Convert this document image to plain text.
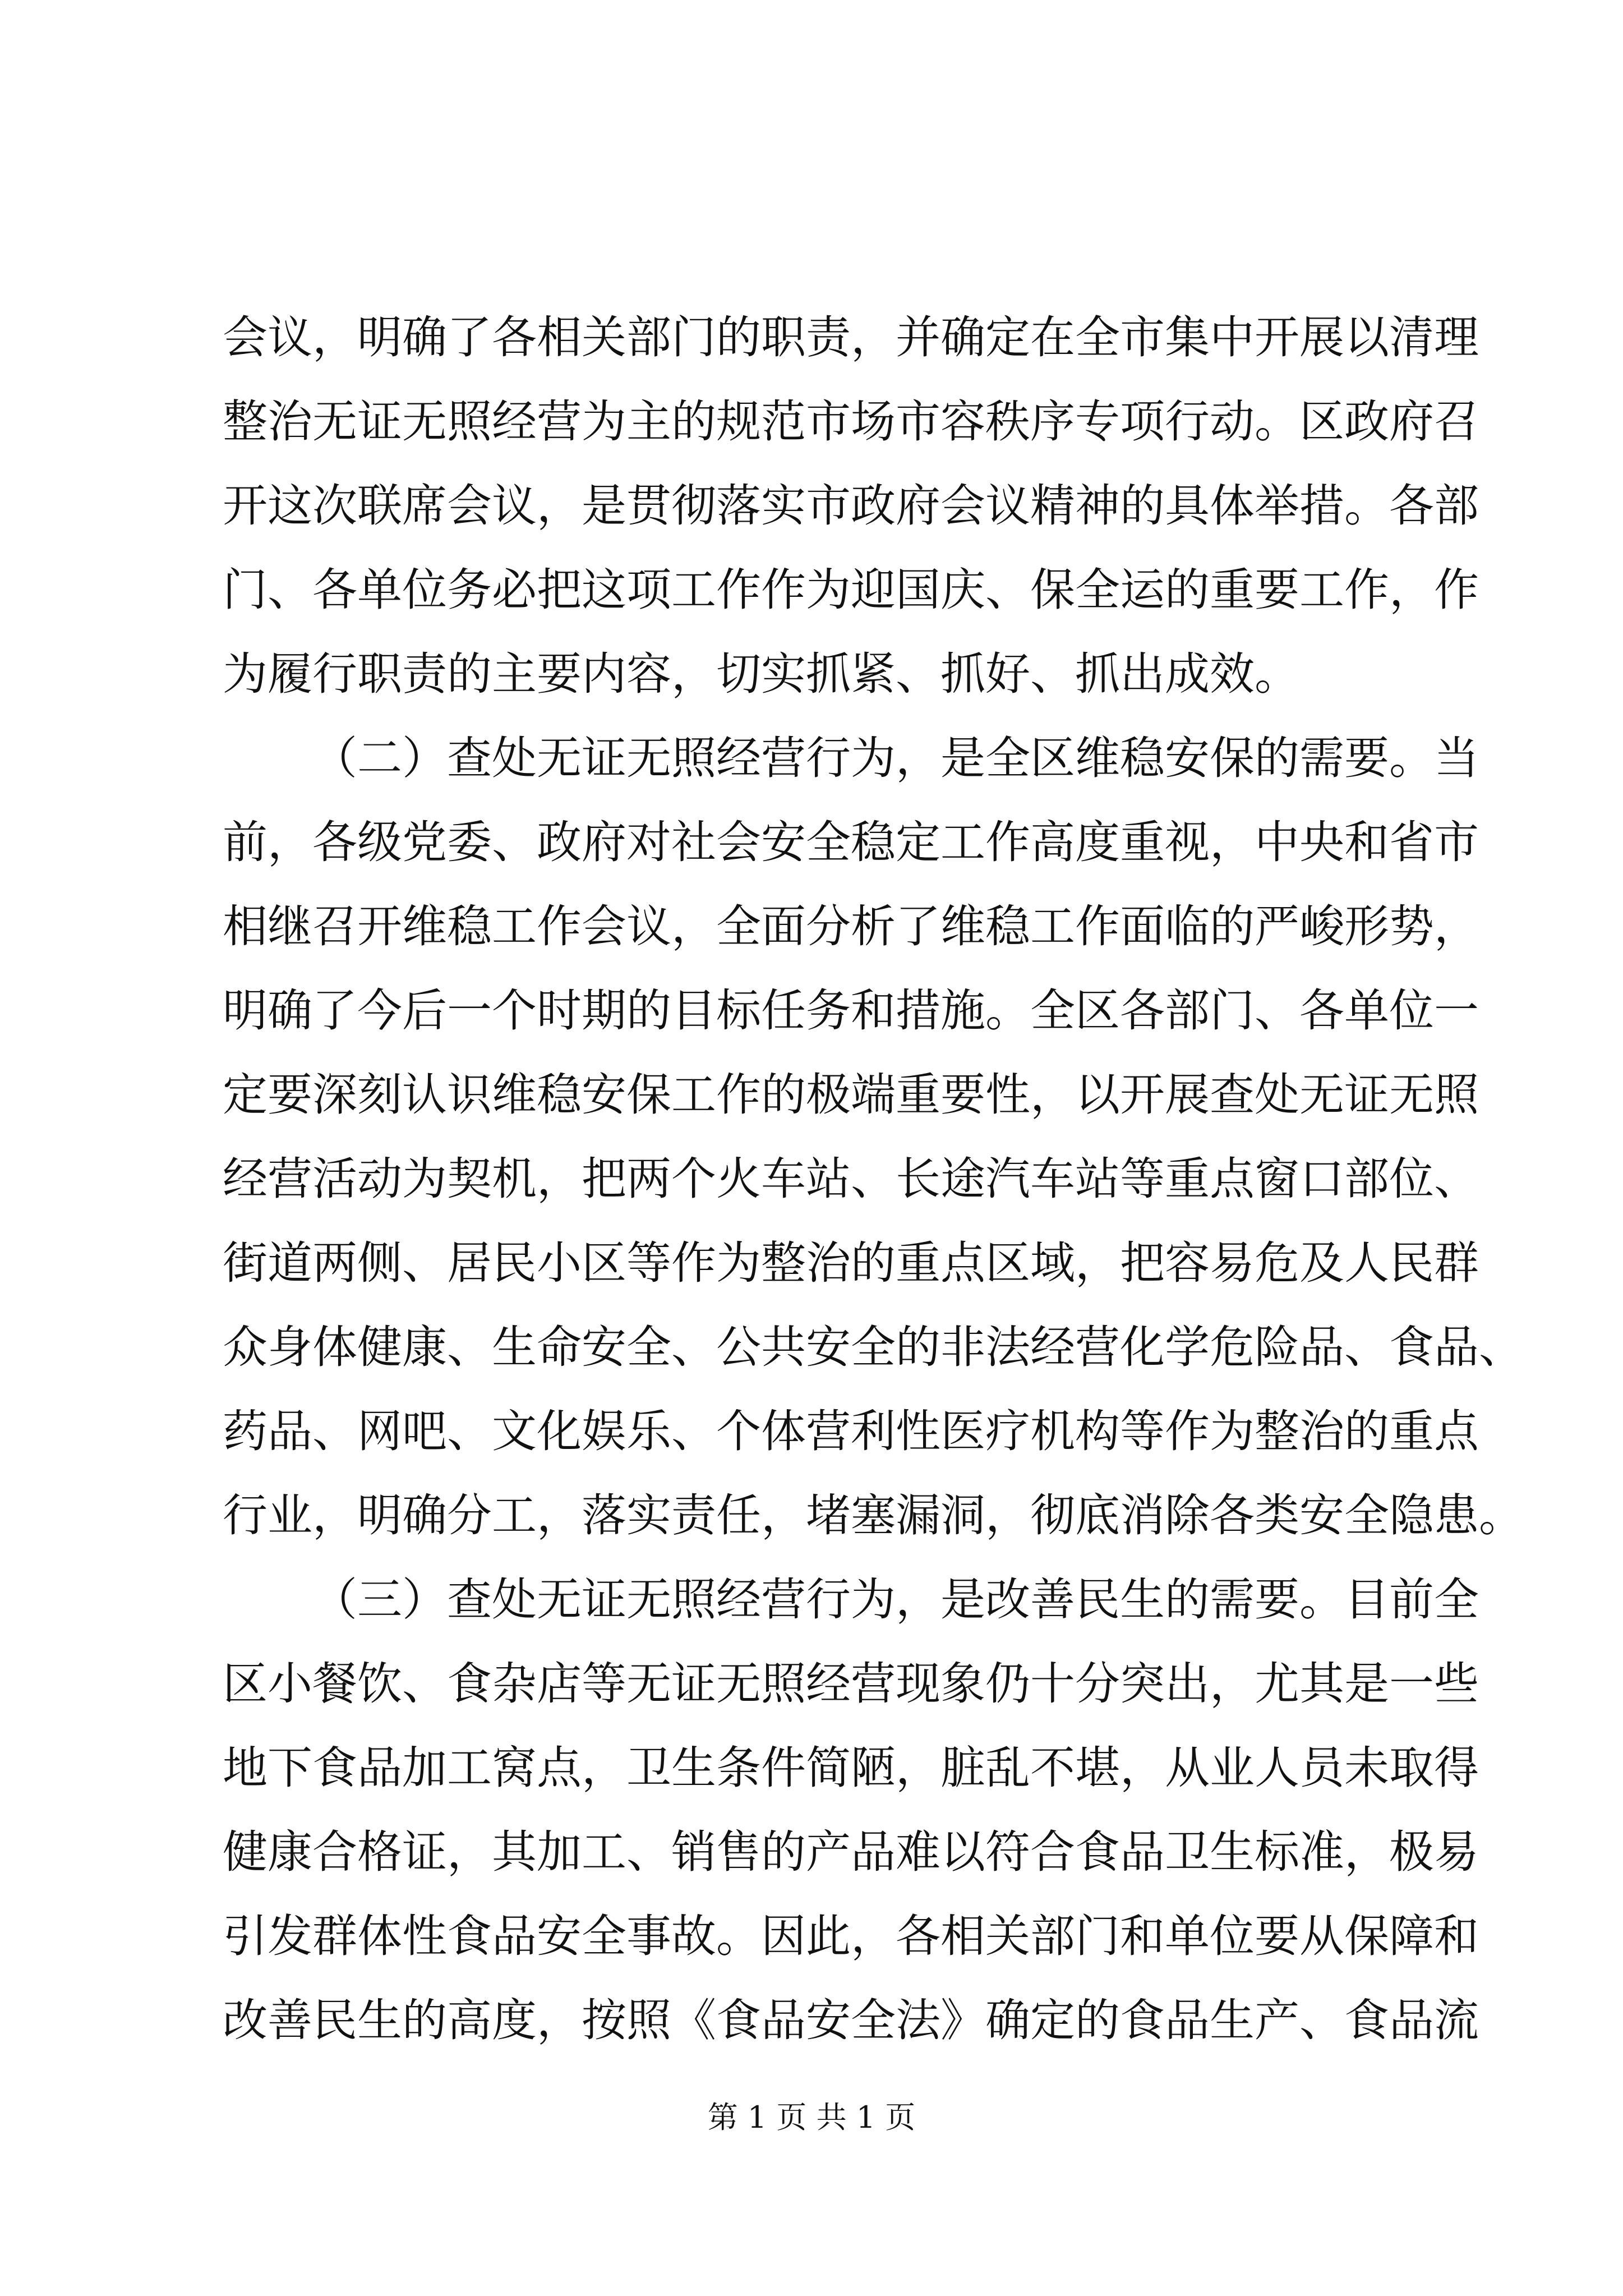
会议，明确了各相关部门的职责，并确定在全市集中开展以清理
整治无证无照经营为主的规范市场市容秩序专项行动。区政府召
开这次联席会议，是贯彻落实市政府会议精神的具体举措。各部
门、各单位务必把这项工作作为迎国庆、保全运的重要工作，作
为履行职责的主要内容，切实抓紧、抓好、抓出成效。
（二）查处无证无照经营行为，是全区维稳安保的需要。当
前，各级党委、政府对社会安全稳定工作高度重视，中央和省市
相继召开维稳工作会议，全面分析了维稳工作面临的严峻形势，
明确了今后一个时期的目标任务和措施。全区各部门、各单位一
定要深刻认识维稳安保工作的极端重要性，以开展查处无证无照
经营活动为契机，把两个火车站、长途汽车站等重点窗口部位、
街道两侧、居民小区等作为整治的重点区域，把容易危及人民群
众身体健康、生命安全、公共安全的非法经营化学危险品、食品、
药品、网吧、文化娱乐、个体营利性医疗机构等作为整治的重点
行业，明确分工，落实责任，堵塞漏洞，彻底消除各类安全隐患。
（三）查处无证无照经营行为，是改善民生的需要。目前全
区小餐饮、食杂店等无证无照经营现象仍十分突出，尤其是一些
地下食品加工窝点，卫生条件简陋，脏乱不堪，从业人员未取得
健康合格证，其加工、销售的产品难以符合食品卫生标准，极易
引发群体性食品安全事故。因此，各相关部门和单位要从保障和
改善民生的高度，按照《食品安全法》确定的食品生产、食品流
第 1 页 共 1 页
